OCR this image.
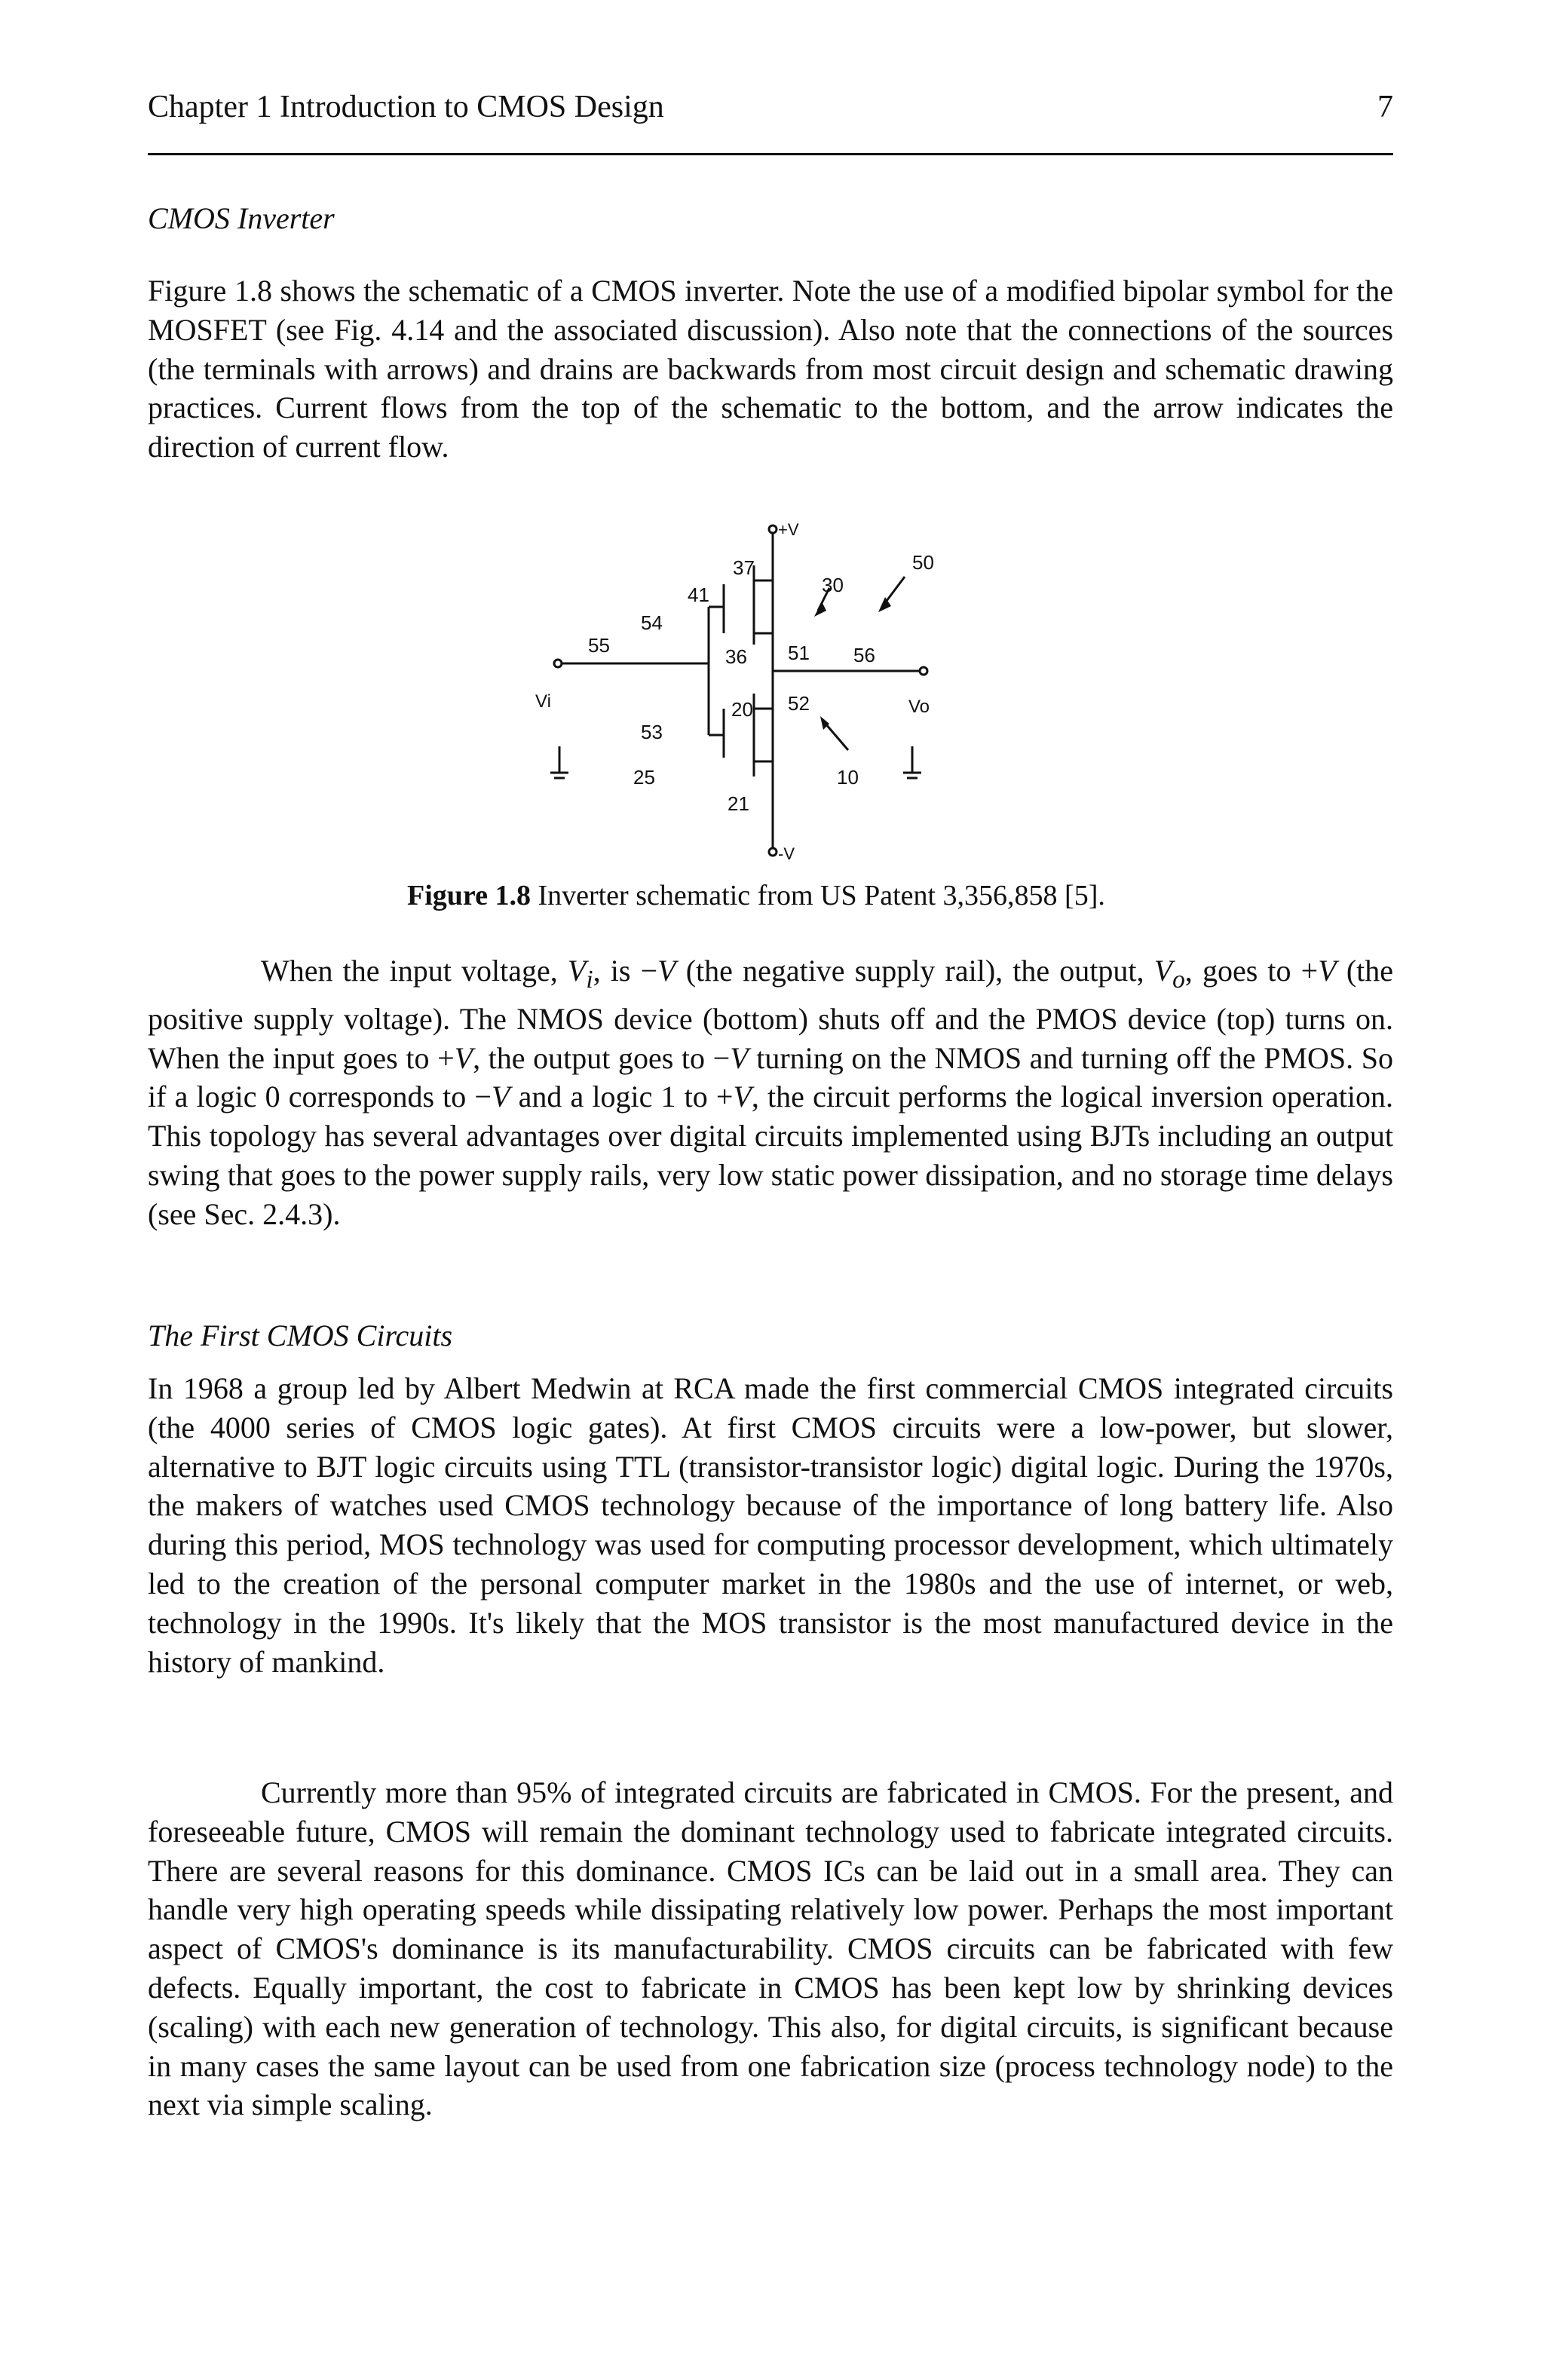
Chapter 1 Introduction to CMOS Design	7
CMOS Inverter

Figure 1.8 shows the schematic of a CMOS inverter. Note the use of a modified bipolar symbol for the MOSFET (see Fig. 4.14 and the associated discussion). Also note that the connections of the sources (the terminals with arrows) and drains are backwards from most circuit design and schematic drawing practices. Current flows from the top of the schematic to the bottom, and the arrow indicates the direction of current flow.

+V
-V
Vi	Vo
55
54
53
41
37
30
50
36 51 56
20 52
25
21
10
Figure 1.8 Inverter schematic from US Patent 3,356,858 [5].

When the input voltage, $V_i$, is −V (the negative supply rail), the output, $V_o$, goes to +V (the positive supply voltage). The NMOS device (bottom) shuts off and the PMOS device (top) turns on. When the input goes to +V, the output goes to −V turning on the NMOS and turning off the PMOS. So if a logic 0 corresponds to −V and a logic 1 to +V, the circuit performs the logical inversion operation. This topology has several advantages over digital circuits implemented using BJTs including an output swing that goes to the power supply rails, very low static power dissipation, and no storage time delays (see Sec. 2.4.3).

The First CMOS Circuits

In 1968 a group led by Albert Medwin at RCA made the first commercial CMOS integrated circuits (the 4000 series of CMOS logic gates). At first CMOS circuits were a low-power, but slower, alternative to BJT logic circuits using TTL (transistor-transistor logic) digital logic. During the 1970s, the makers of watches used CMOS technology because of the importance of long battery life. Also during this period, MOS technology was used for computing processor development, which ultimately led to the creation of the personal computer market in the 1980s and the use of internet, or web, technology in the 1990s. It's likely that the MOS transistor is the most manufactured device in the history of mankind.

Currently more than 95% of integrated circuits are fabricated in CMOS. For the present, and foreseeable future, CMOS will remain the dominant technology used to fabricate integrated circuits. There are several reasons for this dominance. CMOS ICs can be laid out in a small area. They can handle very high operating speeds while dissipating relatively low power. Perhaps the most important aspect of CMOS's dominance is its manufacturability. CMOS circuits can be fabricated with few defects. Equally important, the cost to fabricate in CMOS has been kept low by shrinking devices (scaling) with each new generation of technology. This also, for digital circuits, is significant because in many cases the same layout can be used from one fabrication size (process technology node) to the next via simple scaling.
